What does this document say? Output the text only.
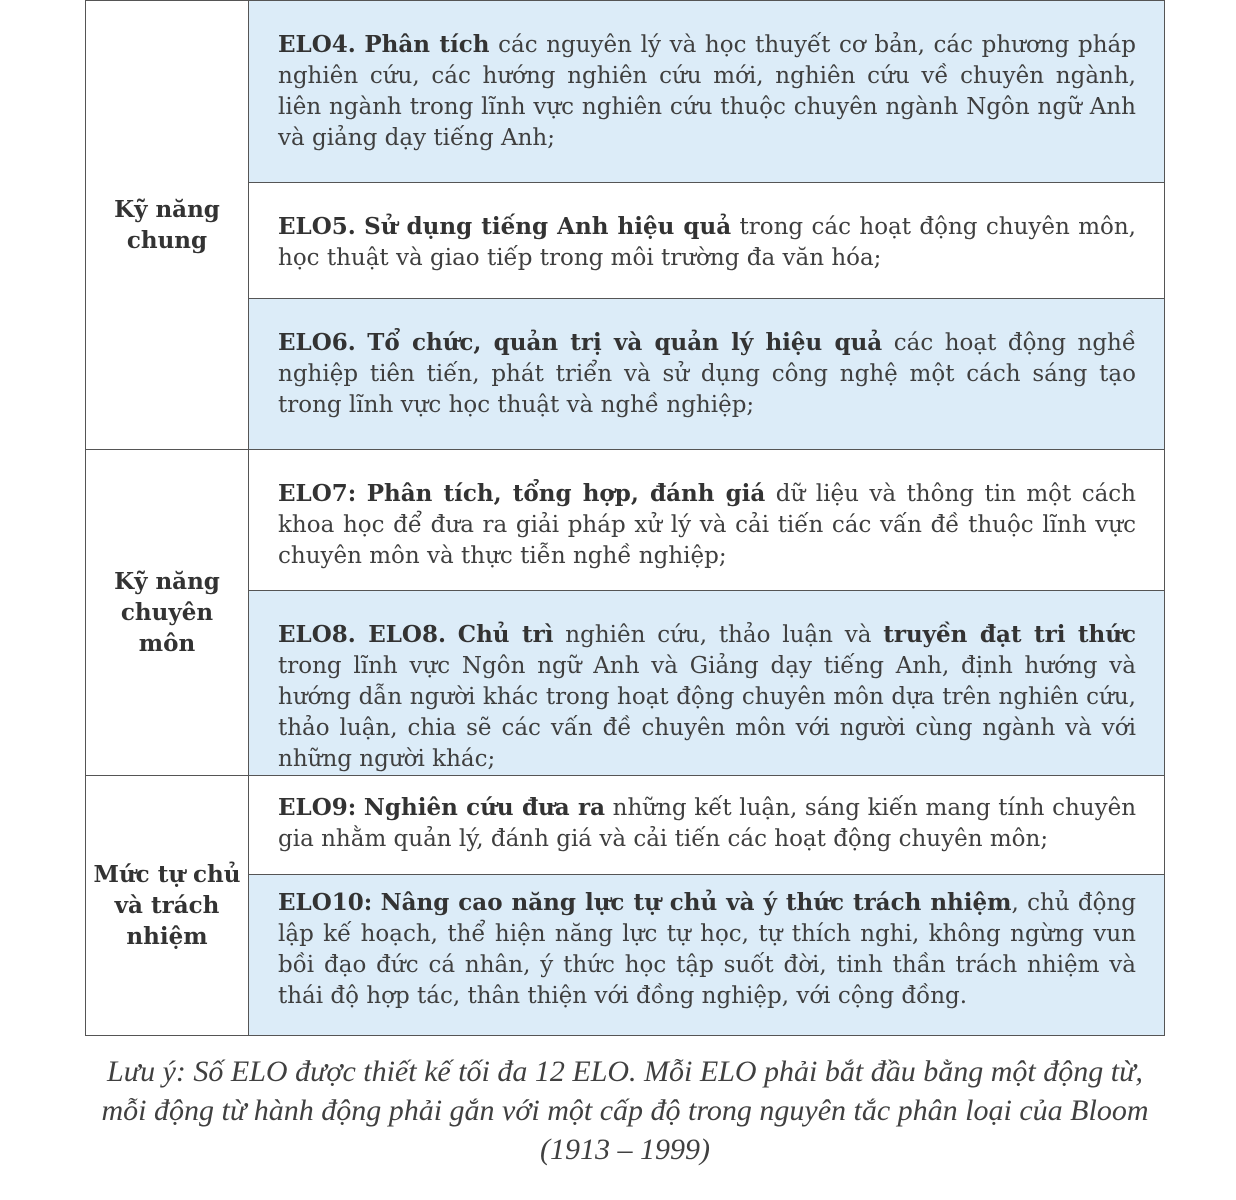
Kỹ năng chung	ELO4. Phân tích các nguyên lý và học thuyết cơ bản, các phương pháp nghiên cứu, các hướng nghiên cứu mới, nghiên cứu về chuyên ngành, liên ngành trong lĩnh vực nghiên cứu thuộc chuyên ngành Ngôn ngữ Anh và giảng dạy tiếng Anh;

	ELO5. Sử dụng tiếng Anh hiệu quả trong các hoạt động chuyên môn, học thuật và giao tiếp trong môi trường đa văn hóa;

	ELO6. Tổ chức, quản trị và quản lý hiệu quả các hoạt động nghề nghiệp tiên tiến, phát triển và sử dụng công nghệ một cách sáng tạo trong lĩnh vực học thuật và nghề nghiệp;

Kỹ năng chuyên môn	ELO7: Phân tích, tổng hợp, đánh giá dữ liệu và thông tin một cách khoa học để đưa ra giải pháp xử lý và cải tiến các vấn đề thuộc lĩnh vực chuyên môn và thực tiễn nghề nghiệp;

	ELO8. ELO8. Chủ trì nghiên cứu, thảo luận và truyền đạt tri thức trong lĩnh vực Ngôn ngữ Anh và Giảng dạy tiếng Anh, định hướng và hướng dẫn người khác trong hoạt động chuyên môn dựa trên nghiên cứu, thảo luận, chia sẽ các vấn đề chuyên môn với người cùng ngành và với những người khác;

Mức tự chủ và trách nhiệm	ELO9: Nghiên cứu đưa ra những kết luận, sáng kiến mang tính chuyên gia nhằm quản lý, đánh giá và cải tiến các hoạt động chuyên môn;

	ELO10: Nâng cao năng lực tự chủ và ý thức trách nhiệm, chủ động lập kế hoạch, thể hiện năng lực tự học, tự thích nghi, không ngừng vun bồi đạo đức cá nhân, ý thức học tập suốt đời, tinh thần trách nhiệm và thái độ hợp tác, thân thiện với đồng nghiệp, với cộng đồng.
Lưu ý: Số ELO được thiết kế tối đa 12 ELO. Mỗi ELO phải bắt đầu bằng một động từ, mỗi động từ hành động phải gắn với một cấp độ trong nguyên tắc phân loại của Bloom (1913 – 1999)
